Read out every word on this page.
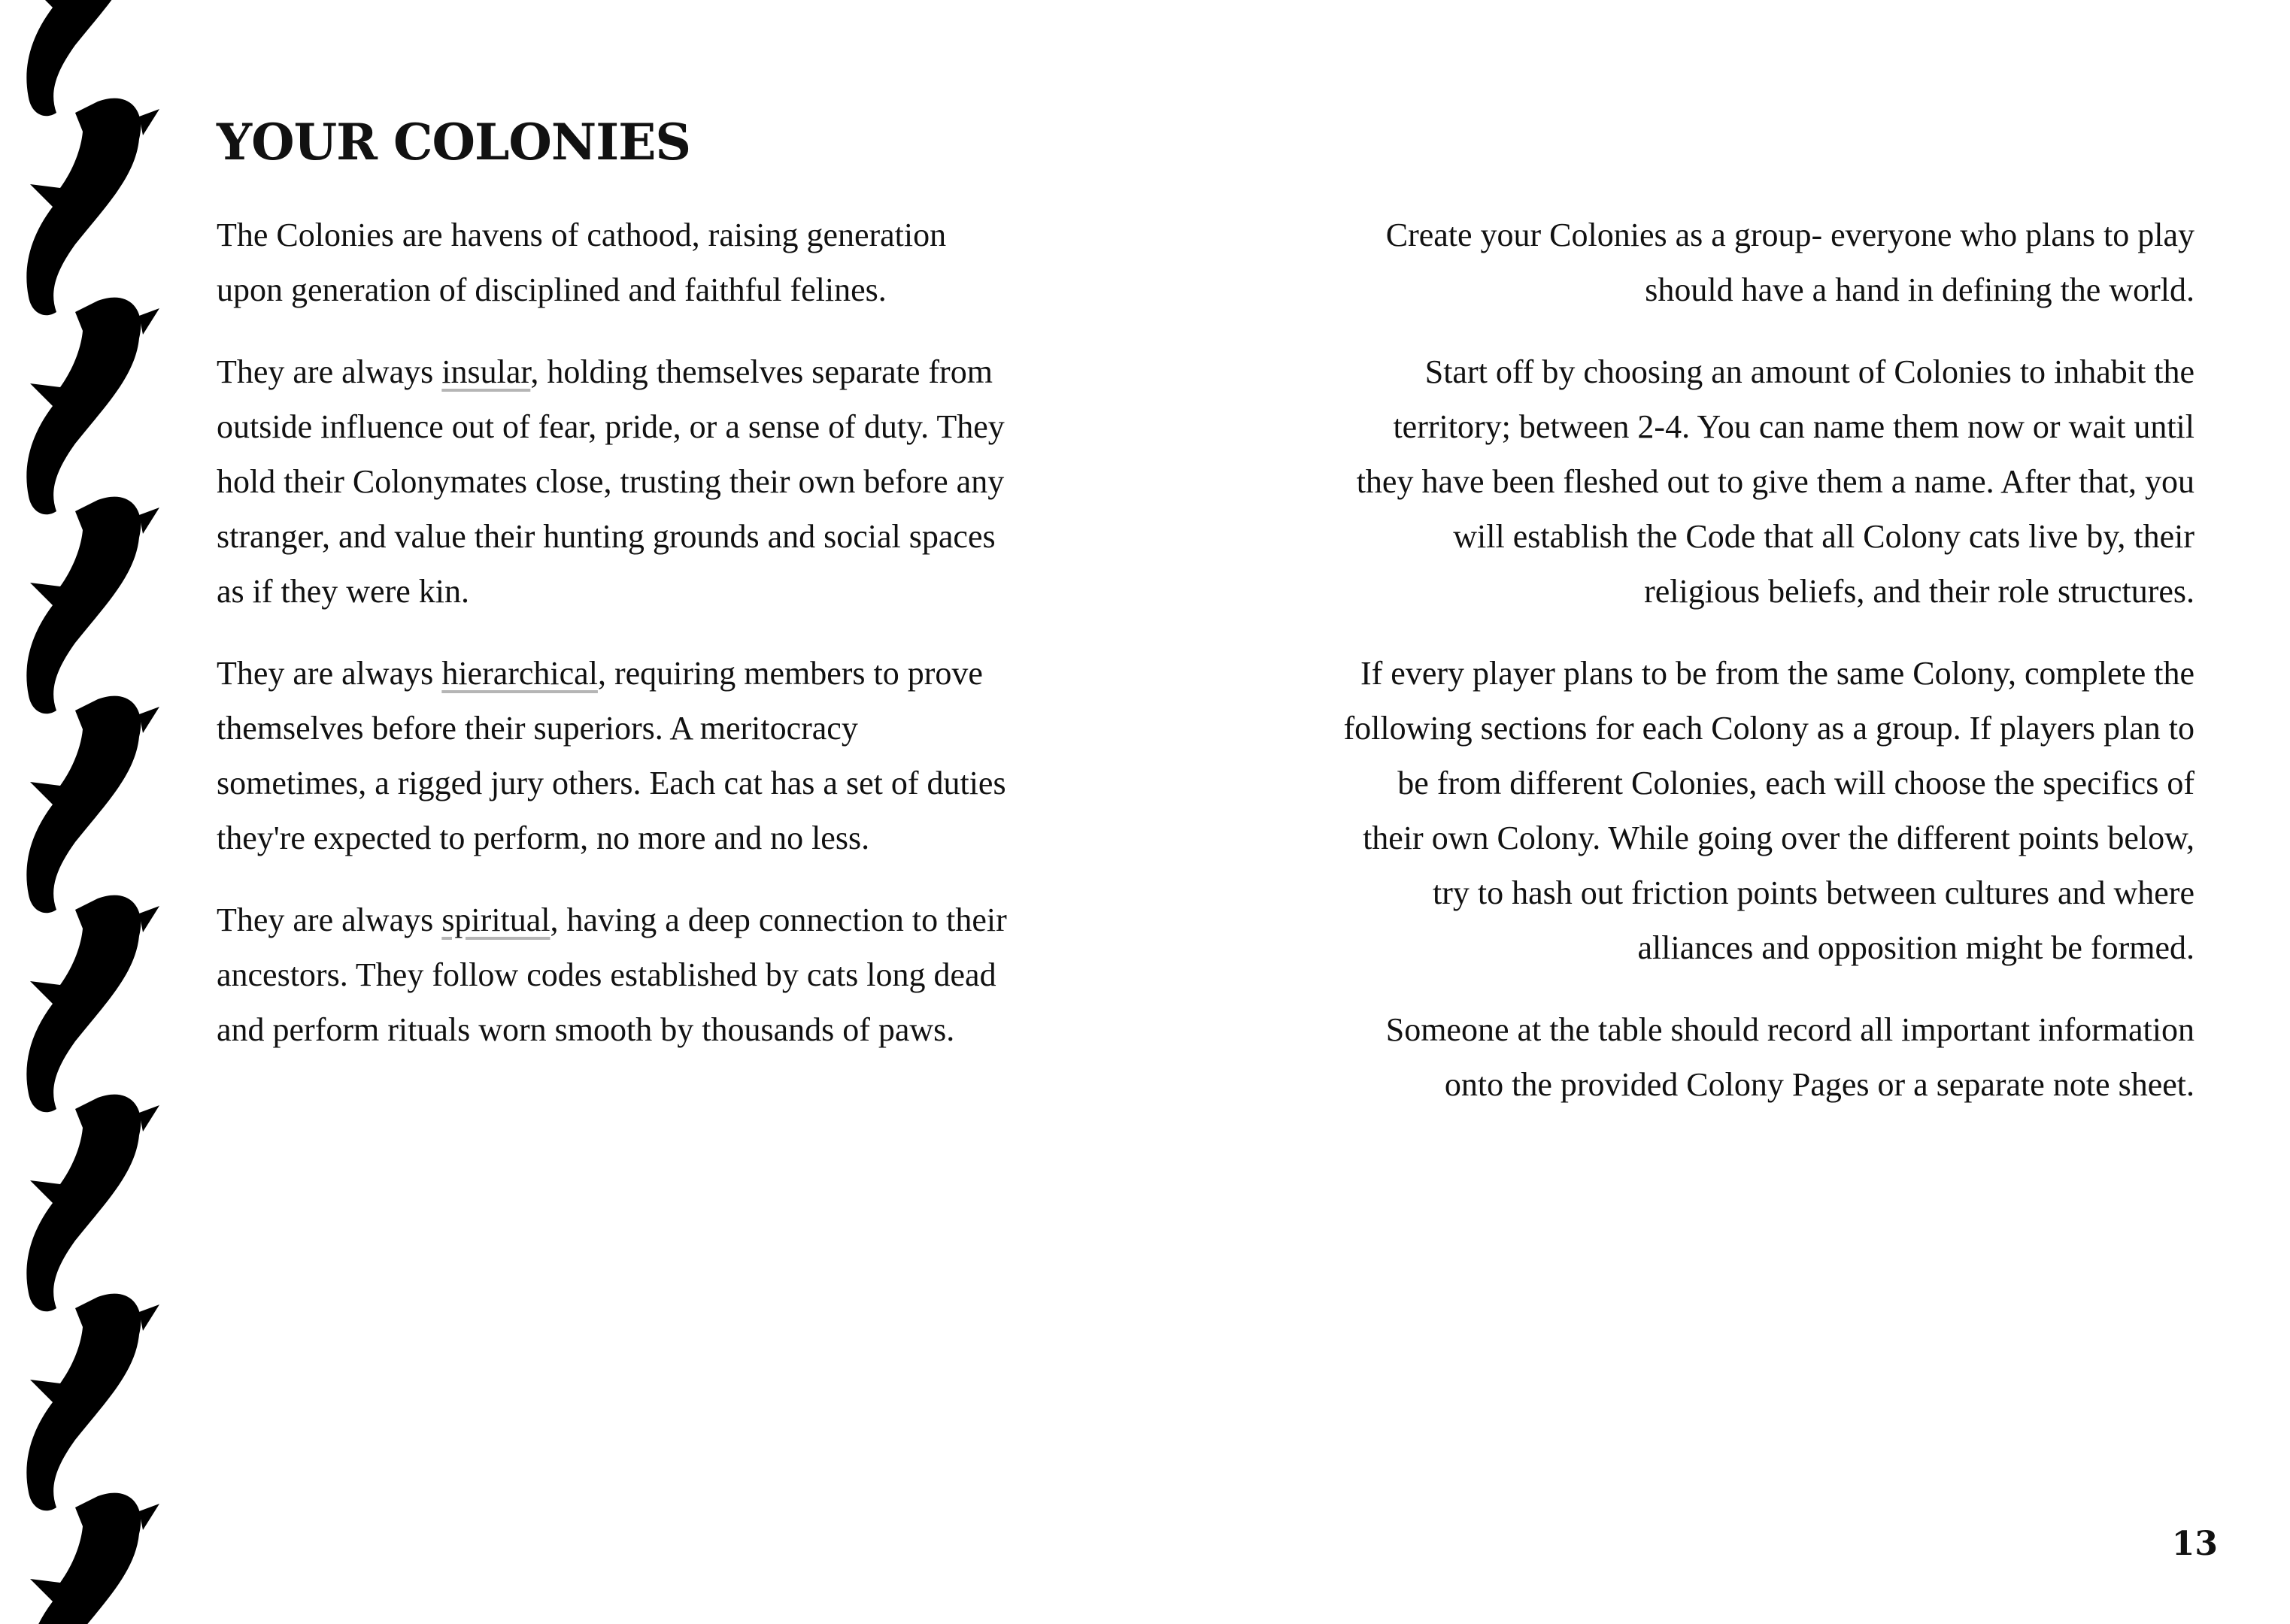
YOUR COLONIES

The Colonies are havens of cathood, raising generation upon generation of disciplined and faithful felines.

They are always insular, holding themselves separate from outside influence out of fear, pride, or a sense of duty. They hold their Colonymates close, trusting their own before any stranger, and value their hunting grounds and social spaces as if they were kin.

They are always hierarchical, requiring members to prove themselves before their superiors. A meritocracy sometimes, a rigged jury others. Each cat has a set of duties they're expected to perform, no more and no less.

They are always spiritual, having a deep connection to their ancestors. They follow codes established by cats long dead and perform rituals worn smooth by thousands of paws.

Create your Colonies as a group- everyone who plans to play should have a hand in defining the world.

Start off by choosing an amount of Colonies to inhabit the territory; between 2-4. You can name them now or wait until they have been fleshed out to give them a name. After that, you will establish the Code that all Colony cats live by, their religious beliefs, and their role structures.

If every player plans to be from the same Colony, complete the following sections for each Colony as a group. If players plan to be from different Colonies, each will choose the specifics of their own Colony. While going over the different points below, try to hash out friction points between cultures and where alliances and opposition might be formed.

Someone at the table should record all important information onto the provided Colony Pages or a separate note sheet.

13
